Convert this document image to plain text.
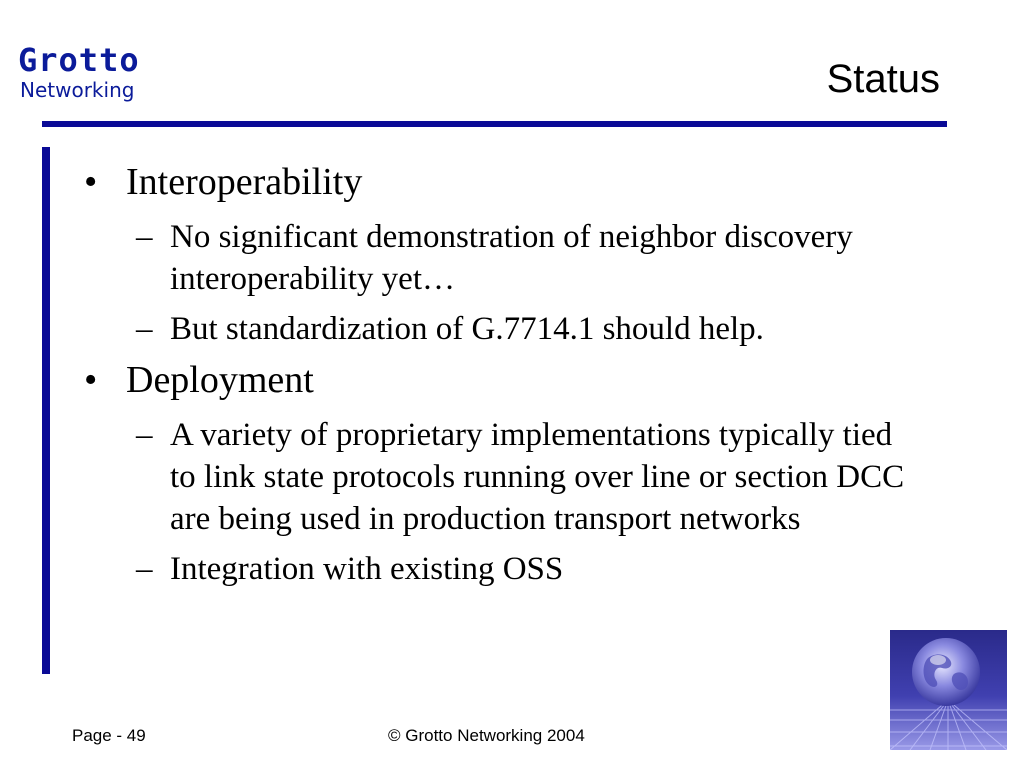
Grotto
Networking	Status
• Interoperability
– No significant demonstration of neighbor discovery interoperability yet…
– But standardization of G.7714.1 should help.
• Deployment
– A variety of proprietary implementations typically tied to link state protocols running over line or section DCC are being used in production transport networks
– Integration with existing OSS
Page - 49	© Grotto Networking 2004
